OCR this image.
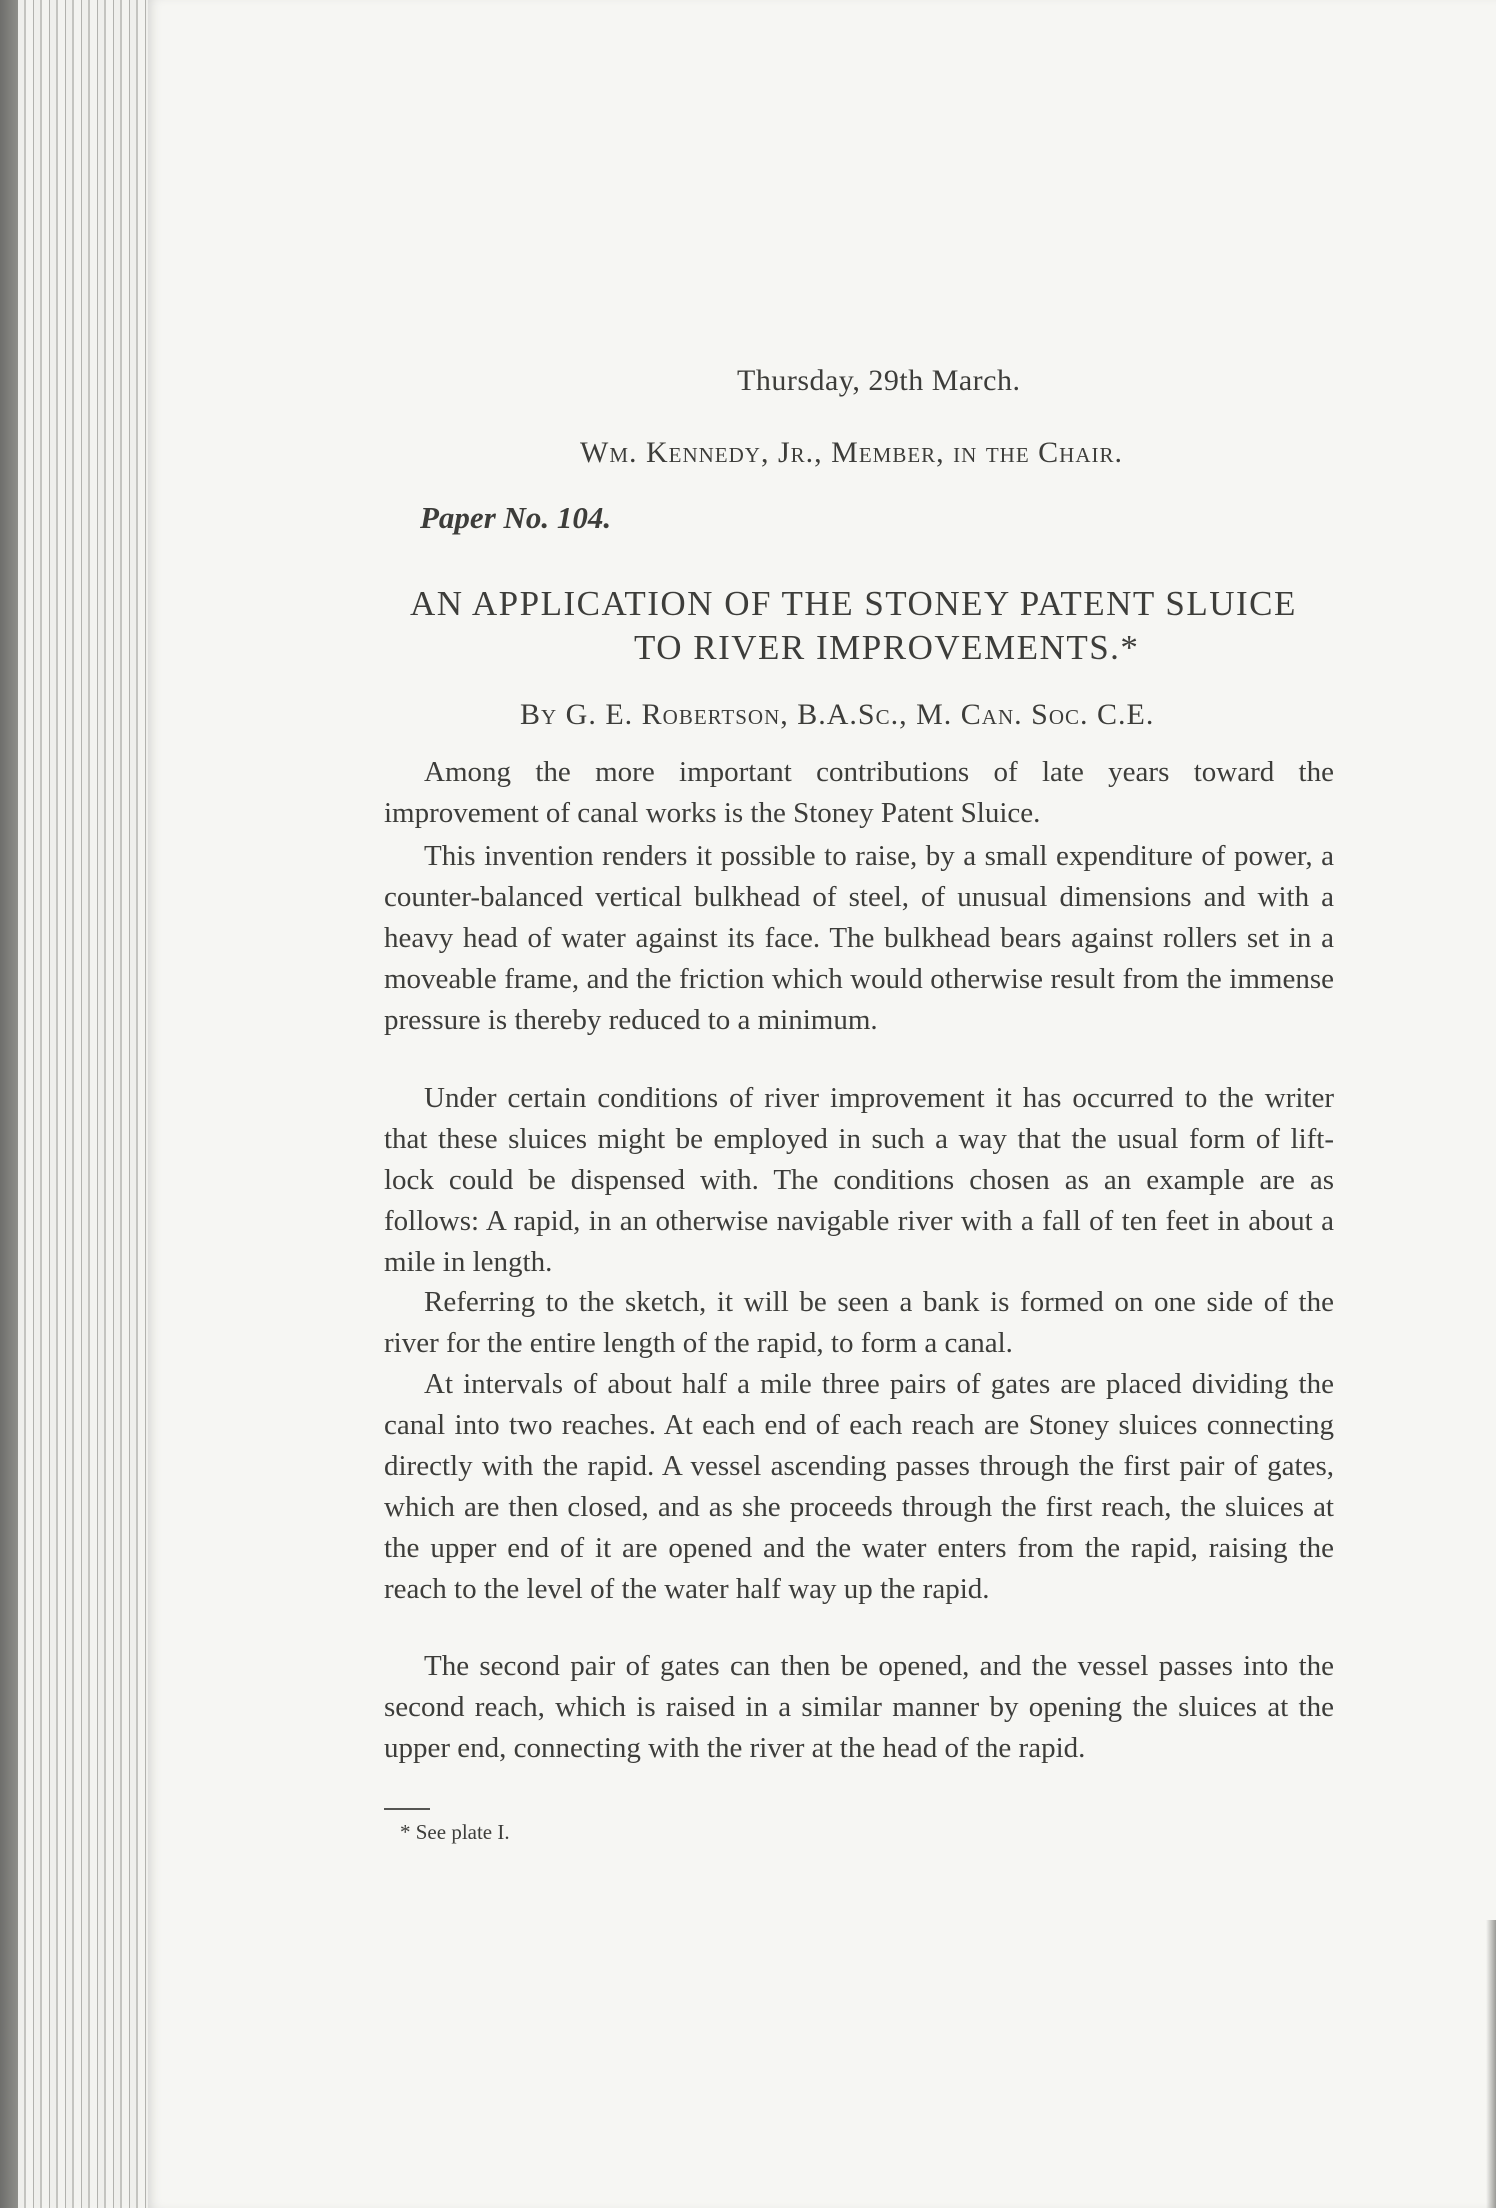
Thursday, 29th March.
Wm. Kennedy, Jr., Member, in the Chair.
Paper No. 104.
AN APPLICATION OF THE STONEY PATENT SLUICE
TO RIVER IMPROVEMENTS.*
By G. E. Robertson, B.A.Sc., M. Can. Soc. C.E.
Among the more important contributions of late years toward the improvement of canal works is the Stoney Patent Sluice.
This invention renders it possible to raise, by a small expenditure of power, a counter-balanced vertical bulkhead of steel, of unusual dimensions and with a heavy head of water against its face. The bulkhead bears against rollers set in a moveable frame, and the friction which would otherwise result from the immense pressure is thereby reduced to a minimum.
Under certain conditions of river improvement it has occurred to the writer that these sluices might be employed in such a way that the usual form of lift-lock could be dispensed with. The conditions chosen as an example are as follows: A rapid, in an otherwise navigable river with a fall of ten feet in about a mile in length.
Referring to the sketch, it will be seen a bank is formed on one side of the river for the entire length of the rapid, to form a canal.
At intervals of about half a mile three pairs of gates are placed dividing the canal into two reaches. At each end of each reach are Stoney sluices connecting directly with the rapid. A vessel ascending passes through the first pair of gates, which are then closed, and as she proceeds through the first reach, the sluices at the upper end of it are opened and the water enters from the rapid, raising the reach to the level of the water half way up the rapid.
The second pair of gates can then be opened, and the vessel passes into the second reach, which is raised in a similar manner by opening the sluices at the upper end, connecting with the river at the head of the rapid.
* See plate I.
